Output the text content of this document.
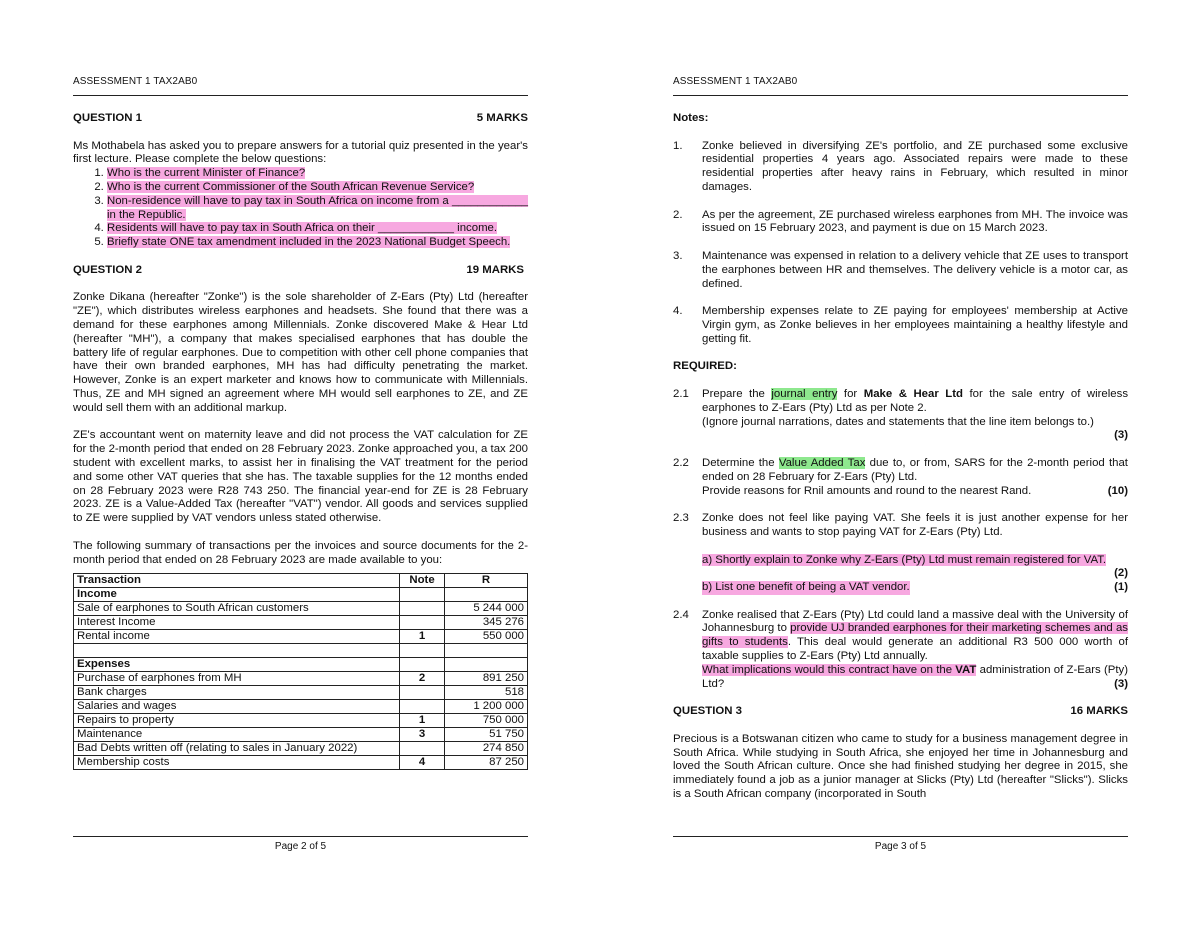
ASSESSMENT 1 TAX2AB0
QUESTION 1	5 MARKS

Ms Mothabela has asked you to prepare answers for a tutorial quiz presented in the year's first lecture. Please complete the below questions:

1. Who is the current Minister of Finance?
2. Who is the current Commissioner of the South African Revenue Service?
3. Non-residence will have to pay tax in South Africa on income from a ____________ in the Republic.
4. Residents will have to pay tax in South Africa on their ____________ income.
5. Briefly state ONE tax amendment included in the 2023 National Budget Speech.
QUESTION 2	19 MARKS

Zonke Dikana (hereafter "Zonke") is the sole shareholder of Z-Ears (Pty) Ltd (hereafter "ZE"), which distributes wireless earphones and headsets. She found that there was a demand for these earphones among Millennials. Zonke discovered Make & Hear Ltd (hereafter "MH"), a company that makes specialised earphones that has double the battery life of regular earphones. Due to competition with other cell phone companies that have their own branded earphones, MH has had difficulty penetrating the market. However, Zonke is an expert marketer and knows how to communicate with Millennials. Thus, ZE and MH signed an agreement where MH would sell earphones to ZE, and ZE would sell them with an additional markup.

ZE's accountant went on maternity leave and did not process the VAT calculation for ZE for the 2-month period that ended on 28 February 2023. Zonke approached you, a tax 200 student with excellent marks, to assist her in finalising the VAT treatment for the period and some other VAT queries that she has. The taxable supplies for the 12 months ended on 28 February 2023 were R28 743 250. The financial year-end for ZE is 28 February 2023. ZE is a Value-Added Tax (hereafter "VAT") vendor. All goods and services supplied to ZE were supplied by VAT vendors unless stated otherwise.

The following summary of transactions per the invoices and source documents for the 2-month period that ended on 28 February 2023 are made available to you:

Transaction	Note	R
Income		
Sale of earphones to South African customers		5 244 000
Interest Income		345 276
Rental income	1	550 000

Expenses		
Purchase of earphones from MH	2	891 250
Bank charges		518
Salaries and wages		1 200 000
Repairs to property	1	750 000
Maintenance	3	51 750
Bad Debts written off (relating to sales in January 2022)		274 850
Membership costs	4	87 250
Page 2 of 5
ASSESSMENT 1 TAX2AB0

Notes:

1.	Zonke believed in diversifying ZE's portfolio, and ZE purchased some exclusive residential properties 4 years ago. Associated repairs were made to these residential properties after heavy rains in February, which resulted in minor damages.
2.	As per the agreement, ZE purchased wireless earphones from MH. The invoice was issued on 15 February 2023, and payment is due on 15 March 2023.
3.	Maintenance was expensed in relation to a delivery vehicle that ZE uses to transport the earphones between HR and themselves. The delivery vehicle is a motor car, as defined.
4.	Membership expenses relate to ZE paying for employees' membership at Active Virgin gym, as Zonke believes in her employees maintaining a healthy lifestyle and getting fit.

REQUIRED:

2.1	Prepare the journal entry for Make & Hear Ltd for the sale entry of wireless earphones to Z-Ears (Pty) Ltd as per Note 2.
(Ignore journal narrations, dates and statements that the line item belongs to.)
(3)
2.2	Determine the Value Added Tax due to, or from, SARS for the 2-month period that ended on 28 February for Z-Ears (Pty) Ltd.
Provide reasons for Rnil amounts and round to the nearest Rand.	(10)
2.3	Zonke does not feel like paying VAT. She feels it is just another expense for her business and wants to stop paying VAT for Z-Ears (Pty) Ltd.
a) Shortly explain to Zonke why Z-Ears (Pty) Ltd must remain registered for VAT.
(2)
b) List one benefit of being a VAT vendor.	(1)
2.4	Zonke realised that Z-Ears (Pty) Ltd could land a massive deal with the University of Johannesburg to provide UJ branded earphones for their marketing schemes and as gifts to students. This deal would generate an additional R3 500 000 worth of taxable supplies to Z-Ears (Pty) Ltd annually.
What implications would this contract have on the VAT administration of Z-Ears (Pty) Ltd?	(3)
QUESTION 3	16 MARKS

Precious is a Botswanan citizen who came to study for a business management degree in South Africa. While studying in South Africa, she enjoyed her time in Johannesburg and loved the South African culture. Once she had finished studying her degree in 2015, she immediately found a job as a junior manager at Slicks (Pty) Ltd (hereafter "Slicks"). Slicks is a South African company (incorporated in South

Page 3 of 5
